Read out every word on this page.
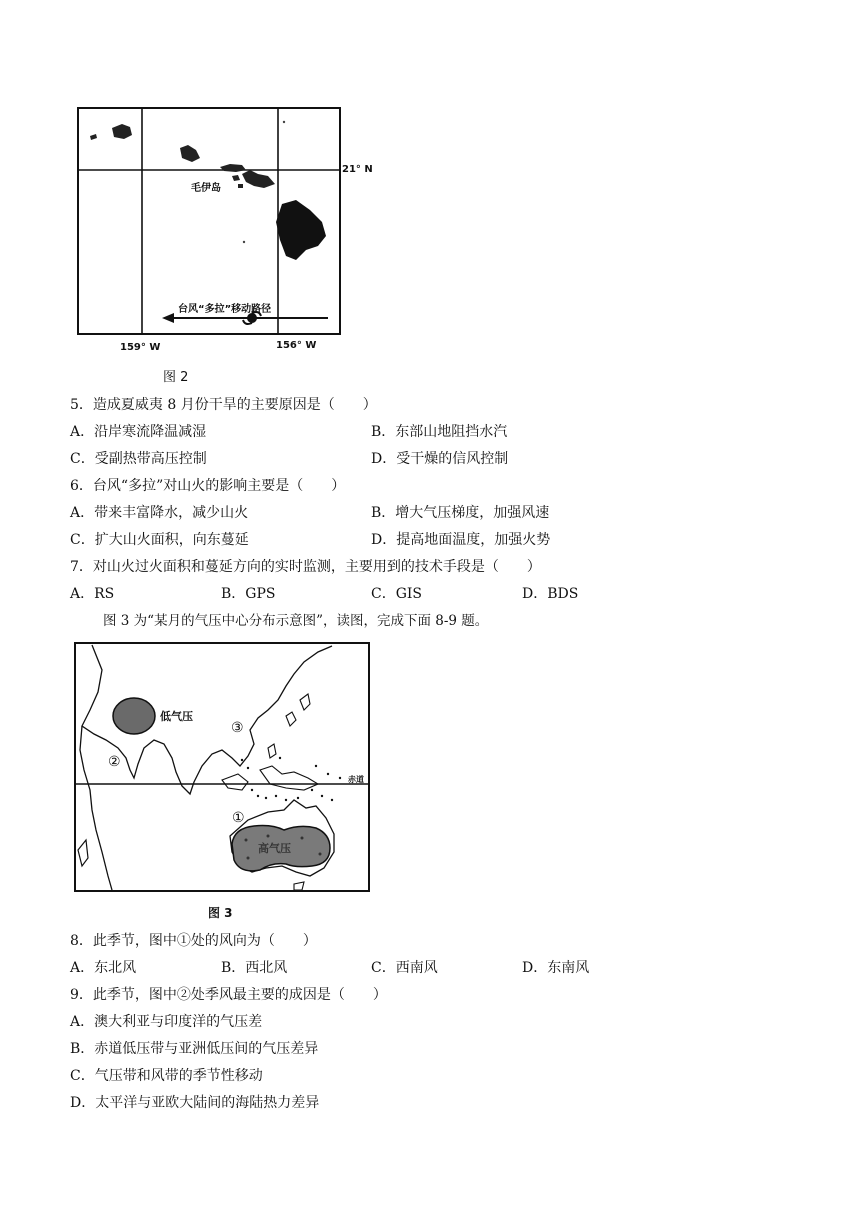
毛伊岛
21° N
台风“多拉”移动路径
159° W	156° W
图 2
5．造成夏威夷 8 月份干旱的主要原因是（　　）
A．沿岸寒流降温减湿	B．东部山地阻挡水汽
C．受副热带高压控制	D．受干燥的信风控制
6．台风“多拉”对山火的影响主要是（　　）
A．带来丰富降水，减少山火	B．增大气压梯度，加强风速
C．扩大山火面积，向东蔓延	D．提高地面温度，加强火势
7．对山火过火面积和蔓延方向的实时监测，主要用到的技术手段是（　　）
A．RS	B．GPS	C．GIS	D．BDS
图 3 为“某月的气压中心分布示意图”，读图，完成下面 8-9 题。
低气压
高气压
赤道
③
②
①
图 3
8．此季节，图中①处的风向为（　　）
A．东北风	B．西北风	C．西南风	D．东南风
9．此季节，图中②处季风最主要的成因是（　　）
A．澳大利亚与印度洋的气压差
B．赤道低压带与亚洲低压间的气压差异
C．气压带和风带的季节性移动
D．太平洋与亚欧大陆间的海陆热力差异
